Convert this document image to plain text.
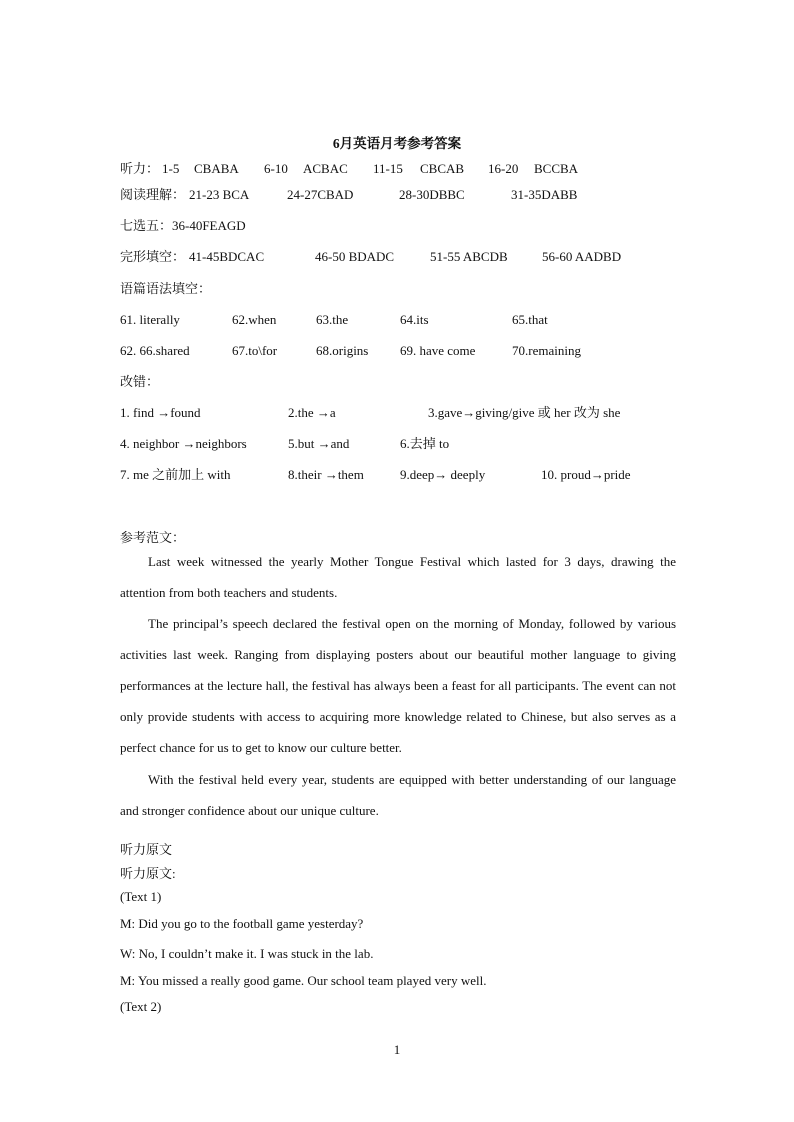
6月英语月考参考答案
听力： 1-5 CBABA 6-10 ACBAC 11-15 CBCAB 16-20 BCCBA
阅读理解： 21-23 BCA	24-27CBAD	28-30DBBC	31-35DABB
七选五：36-40FEAGD
完形填空： 41-45BDCAC	46-50 BDADC	51-55 ABCDB	56-60 AADBD
语篇语法填空：
61. literally	62.when	63.the	64.its	65.that
62. 66.shared	67.to\for	68.origins 69. have come	70.remaining
改错：
1. find →found	2.the →a	3.gave→giving/give 或 her 改为 she
4. neighbor →neighbors	5.but →and	6.去掉 to
7. me 之前加上 with	8.their →them	9.deep→ deeply	10. proud→pride
参考范文：

Last week witnessed the yearly Mother Tongue Festival which lasted for 3 days, drawing the attention from both teachers and students.

The principal’s speech declared the festival open on the morning of Monday, followed by various activities last week. Ranging from displaying posters about our beautiful mother language to giving performances at the lecture hall, the festival has always been a feast for all participants. The event can not only provide students with access to acquiring more knowledge related to Chinese, but also serves as a perfect chance for us to get to know our culture better.

With the festival held every year, students are equipped with better understanding of our language and stronger confidence about our unique culture.

听力原文
听力原文:
(Text 1)
M: Did you go to the football game yesterday?
W: No, I couldn’t make it. I was stuck in the lab.
M: You missed a really good game. Our school team played very well.
(Text 2)
1
